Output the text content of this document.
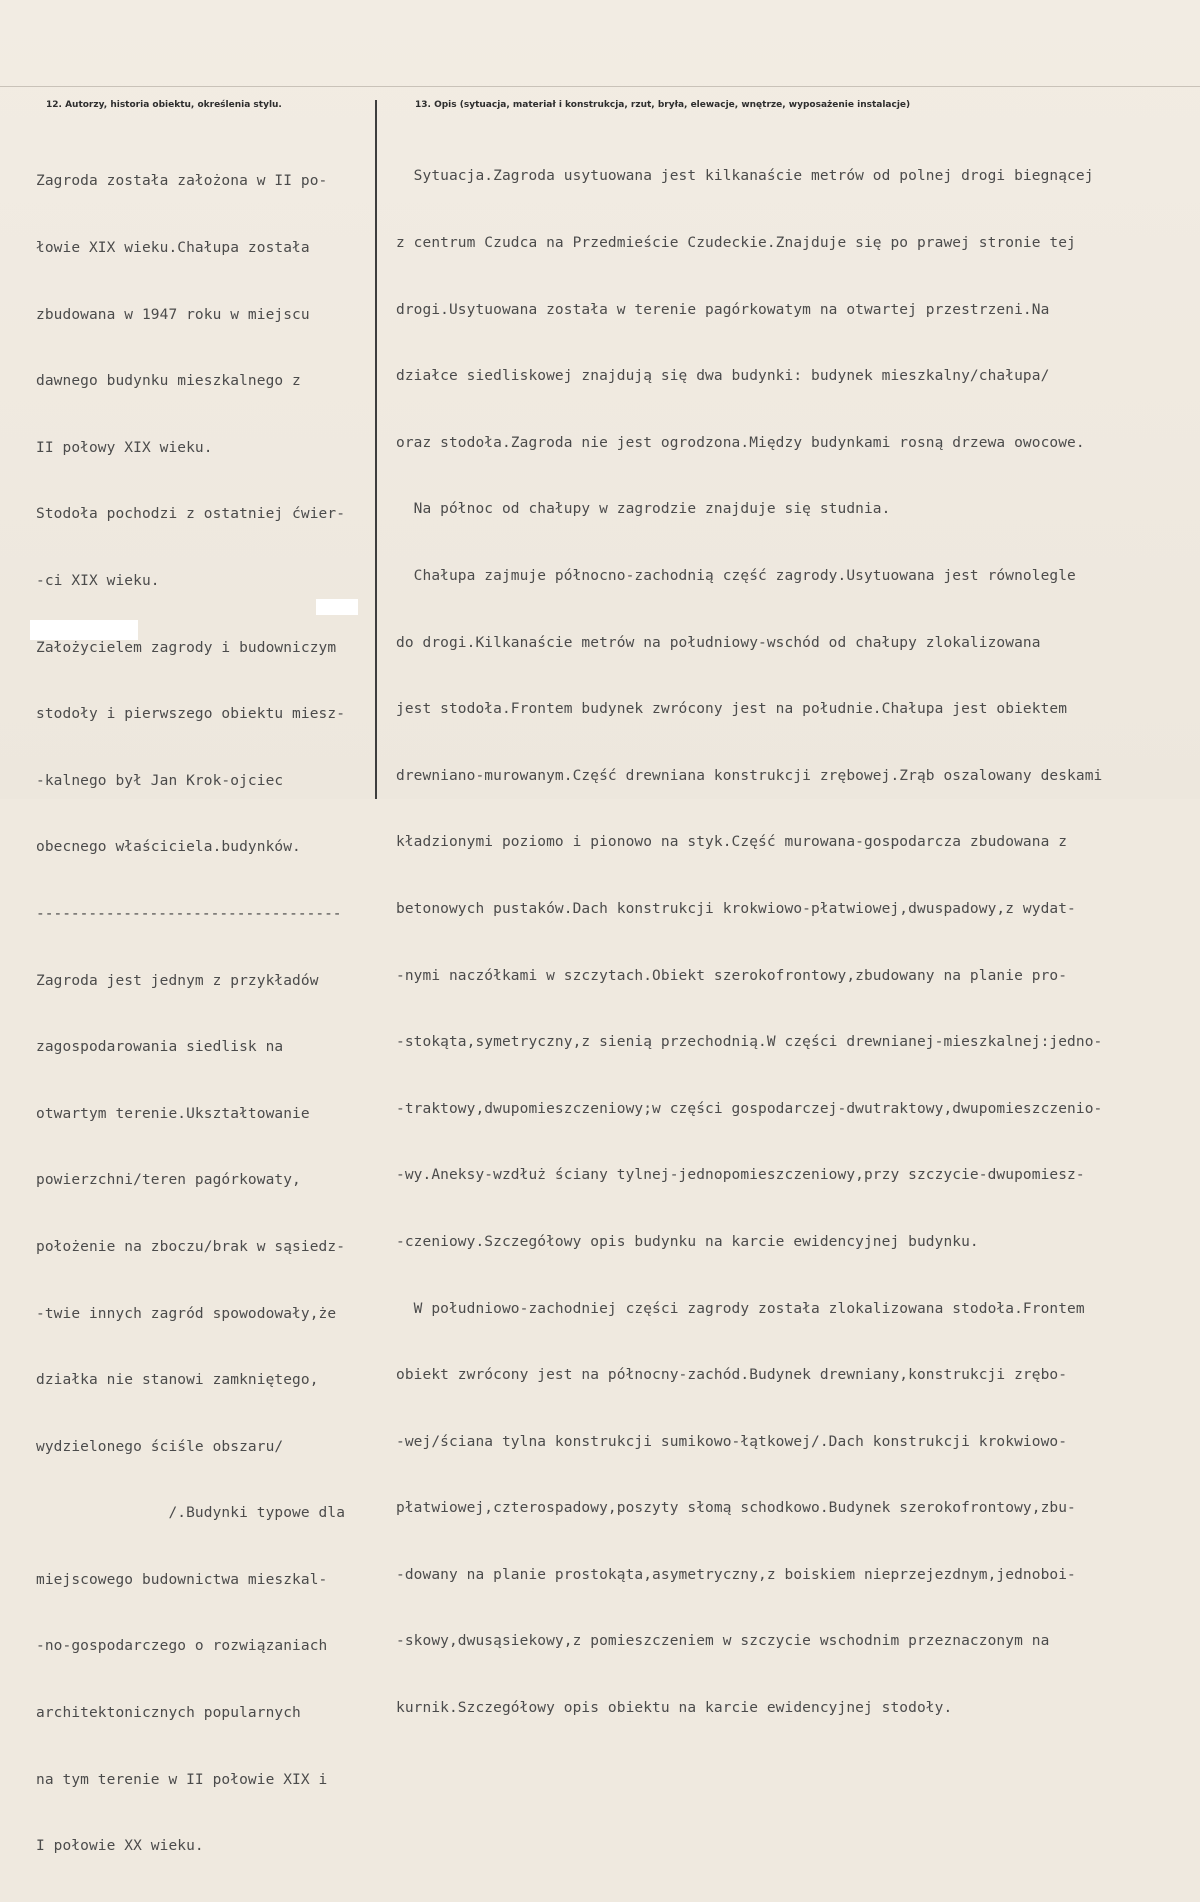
12. Autorzy, historia obiektu, określenia stylu.	13. Opis (sytuacja, materiał i konstrukcja, rzut, bryła, elewacje, wnętrze, wyposażenie instalacje)

Zagroda została założona w II po-

łowie XIX wieku.Chałupa została

zbudowana w 1947 roku w miejscu

dawnego budynku mieszkalnego z

II połowy XIX wieku.

Stodoła pochodzi z ostatniej ćwier-

-ci XIX wieku.

Założycielem zagrody i budowniczym

stodoły i pierwszego obiektu miesz-

-kalnego był Jan Krok-ojciec

obecnego właściciela.budynków.

-----------------------------------

Zagroda jest jednym z przykładów

zagospodarowania siedlisk na

otwartym terenie.Ukształtowanie

powierzchni/teren pagórkowaty,

położenie na zboczu/brak w sąsiedz-

-twie innych zagród spowodowały,że

działka nie stanowi zamkniętego,

wydzielonego ściśle obszaru/

/.Budynki typowe dla

miejscowego budownictwa mieszkal-

-no-gospodarczego o rozwiązaniach

architektonicznych popularnych

na tym terenie w II połowie XIX i

I połowie XX wieku.

Sytuacja.Zagroda usytuowana jest kilkanaście metrów od polnej drogi biegnącej

z centrum Czudca na Przedmieście Czudeckie.Znajduje się po prawej stronie tej

drogi.Usytuowana została w terenie pagórkowatym na otwartej przestrzeni.Na

działce siedliskowej znajdują się dwa budynki: budynek mieszkalny/chałupa/

oraz stodoła.Zagroda nie jest ogrodzona.Między budynkami rosną drzewa owocowe.

Na północ od chałupy w zagrodzie znajduje się studnia.

Chałupa zajmuje północno-zachodnią część zagrody.Usytuowana jest równolegle

do drogi.Kilkanaście metrów na południowy-wschód od chałupy zlokalizowana

jest stodoła.Frontem budynek zwrócony jest na południe.Chałupa jest obiektem

drewniano-murowanym.Część drewniana konstrukcji zrębowej.Zrąb oszalowany deskami

kładzionymi poziomo i pionowo na styk.Część murowana-gospodarcza zbudowana z

betonowych pustaków.Dach konstrukcji krokwiowo-płatwiowej,dwuspadowy,z wydat-

-nymi naczółkami w szczytach.Obiekt szerokofrontowy,zbudowany na planie pro-

-stokąta,symetryczny,z sienią przechodnią.W części drewnianej-mieszkalnej:jedno-

-traktowy,dwupomieszczeniowy;w części gospodarczej-dwutraktowy,dwupomieszczenio-

-wy.Aneksy-wzdłuż ściany tylnej-jednopomieszczeniowy,przy szczycie-dwupomiesz-

-czeniowy.Szczegółowy opis budynku na karcie ewidencyjnej budynku.

W południowo-zachodniej części zagrody została zlokalizowana stodoła.Frontem

obiekt zwrócony jest na północny-zachód.Budynek drewniany,konstrukcji zrębo-

-wej/ściana tylna konstrukcji sumikowo-łątkowej/.Dach konstrukcji krokwiowo-

płatwiowej,czterospadowy,poszyty słomą schodkowo.Budynek szerokofrontowy,zbu-

-dowany na planie prostokąta,asymetryczny,z boiskiem nieprzejezdnym,jednoboi-

-skowy,dwusąsiekowy,z pomieszczeniem w szczycie wschodnim przeznaczonym na

kurnik.Szczegółowy opis obiektu na karcie ewidencyjnej stodoły.
